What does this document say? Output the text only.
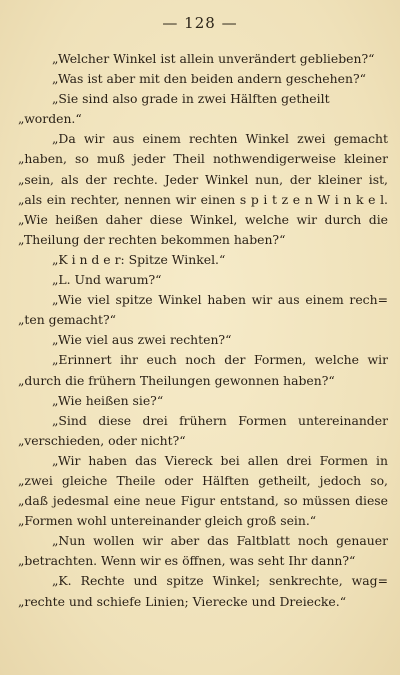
— 128 —
„Welcher Winkel ist allein unverändert geblieben?“
„Was ist aber mit den beiden andern geschehen?“
„Sie sind also grade in zwei Hälften getheilt
„worden.“
„Da wir aus einem rechten Winkel zwei gemacht
„haben, so muß jeder Theil nothwendigerweise kleiner
„sein, als der rechte. Jeder Winkel nun, der kleiner ist,
„als ein rechter, nennen wir einen s p i t z e n W i n k e l.
„Wie heißen daher diese Winkel, welche wir durch die
„Theilung der rechten bekommen haben?“
„K i n d e r: Spitze Winkel.“
„L. Und warum?“
„Wie viel spitze Winkel haben wir aus einem rech=
„ten gemacht?“
„Wie viel aus zwei rechten?“
„Erinnert ihr euch noch der Formen, welche wir
„durch die frühern Theilungen gewonnen haben?“
„Wie heißen sie?“
„Sind diese drei frühern Formen untereinander
„verschieden, oder nicht?“
„Wir haben das Viereck bei allen drei Formen in
„zwei gleiche Theile oder Hälften getheilt, jedoch so,
„daß jedesmal eine neue Figur entstand, so müssen diese
„Formen wohl untereinander gleich groß sein.“
„Nun wollen wir aber das Faltblatt noch genauer
„betrachten. Wenn wir es öffnen, was seht Ihr dann?“
„K. Rechte und spitze Winkel; senkrechte, wag=
„rechte und schiefe Linien; Vierecke und Dreiecke.“
